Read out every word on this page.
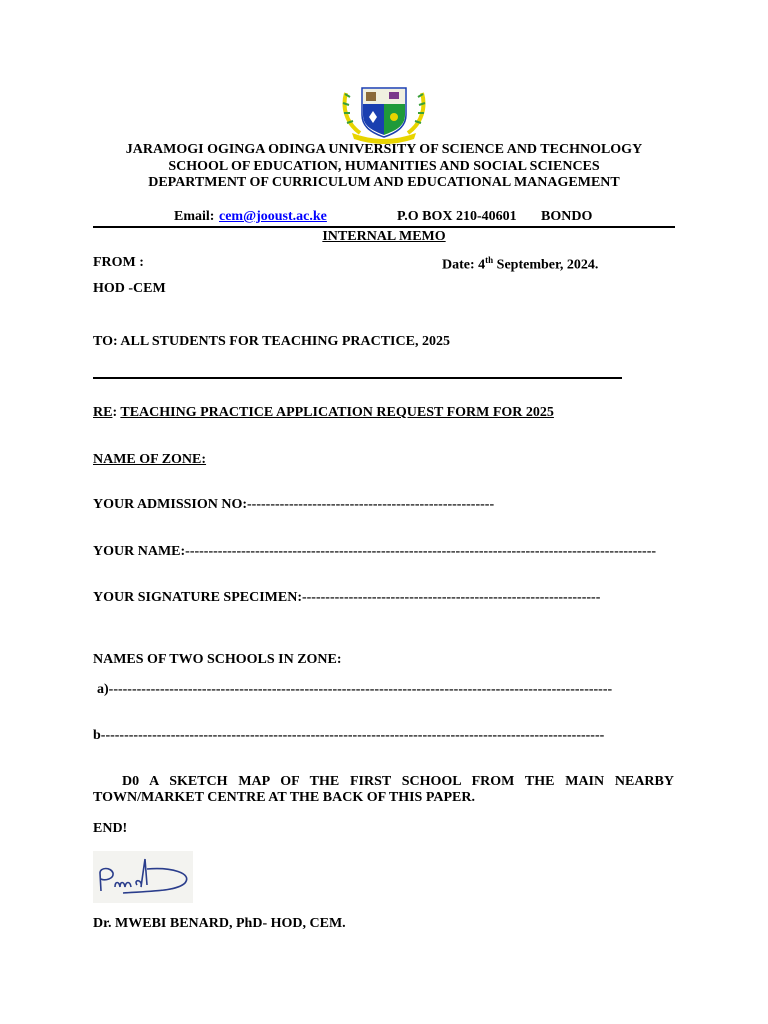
JARAMOGI OGINGA ODINGA UNIVERSITY OF SCIENCE AND TECHNOLOGY
SCHOOL OF EDUCATION, HUMANITIES AND SOCIAL SCIENCES
DEPARTMENT OF CURRICULUM AND EDUCATIONAL MANAGEMENT
Email: cem@jooust.ac.ke	P.O BOX 210-40601 BONDO
INTERNAL MEMO
FROM :	Date: 4th September, 2024.
HOD -CEM
TO: ALL STUDENTS FOR TEACHING PRACTICE, 2025
RE: TEACHING PRACTICE APPLICATION REQUEST FORM FOR 2025
NAME OF ZONE:
YOUR ADMISSION NO:-----------------------------------------------------
YOUR NAME:-----------------------------------------------------------------------------------------------------
YOUR SIGNATURE SPECIMEN:----------------------------------------------------------------
NAMES OF TWO SCHOOLS IN ZONE:
a)------------------------------------------------------------------------------------------------------------
b------------------------------------------------------------------------------------------------------------
D0 A SKETCH MAP OF THE FIRST SCHOOL FROM THE MAIN NEARBY
TOWN/MARKET CENTRE AT THE BACK OF THIS PAPER.
END!
Dr. MWEBI BENARD, PhD- HOD, CEM.
